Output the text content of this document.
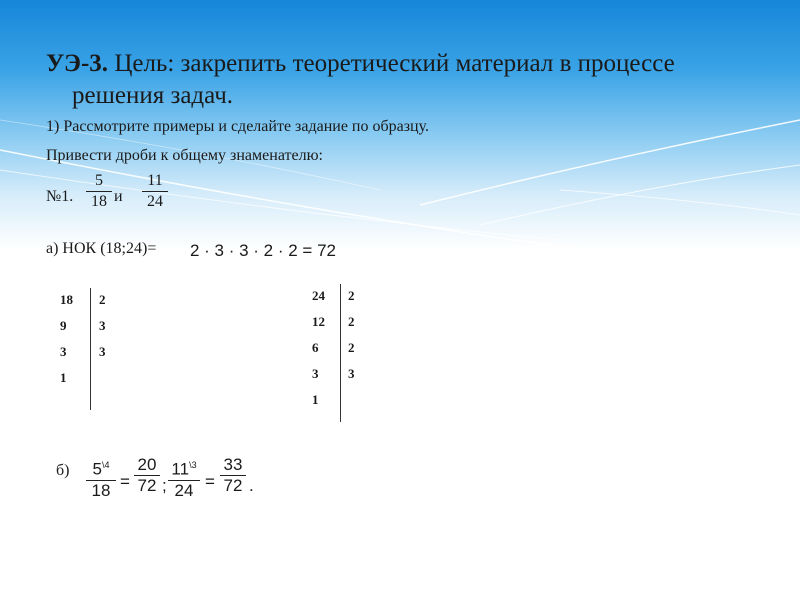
УЭ-3. Цель: закрепить теоретический материал в процессе
решения задач.
1) Рассмотрите примеры и сделайте задание по образцу.
Привести дроби к общему знаменателю:
№1.
5
18 и
11
24
а) НОК (18;24)= 2 · 3 · 3 · 2 · 2 = 72
18
9
3
1
2
3
3
24
12
6
3
1
2
2
2
3
б)	$5^{\backslash 4}$
18 =
20
72 ;
$11^{\backslash 3}$
24 =
33
72 .
